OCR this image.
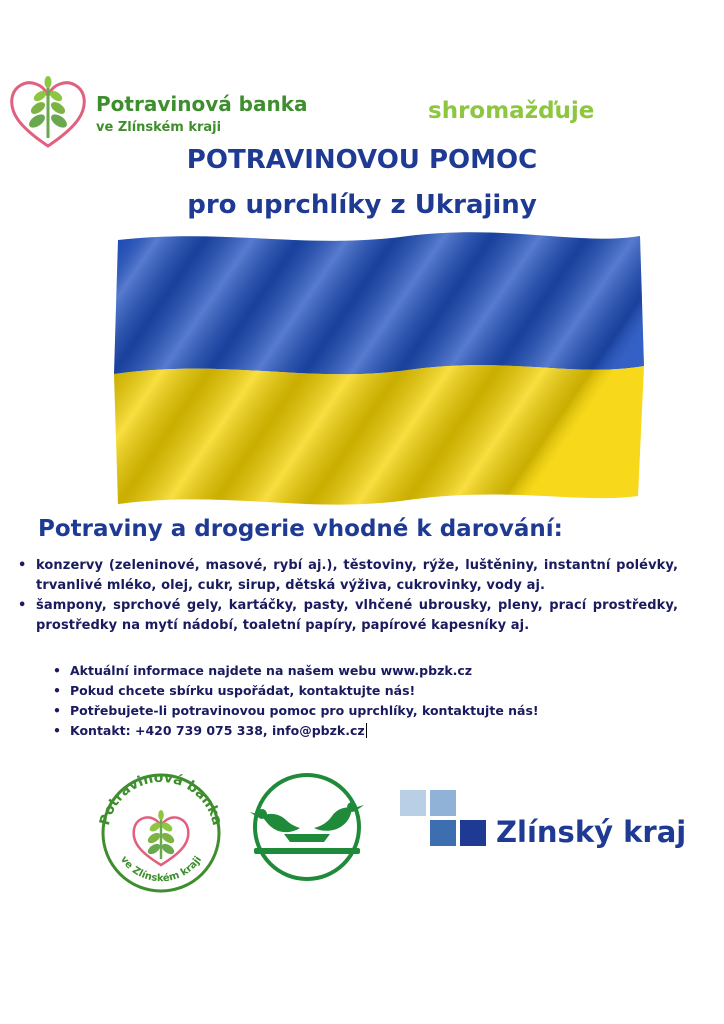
Potravinová banka
ve Zlínském kraji
shromažďuje
POTRAVINOVOU POMOC
pro uprchlíky z Ukrajiny
Potraviny a drogerie vhodné k darování:
• konzervy (zeleninové, masové, rybí aj.), těstoviny, rýže, luštěniny, instantní polévky, trvanlivé mléko, olej, cukr, sirup, dětská výživa, cukrovinky, vody aj.
• šampony, sprchové gely, kartáčky, pasty, vlhčené ubrousky, pleny, prací prostředky, prostředky na mytí nádobí, toaletní papíry, papírové kapesníky aj.
• Aktuální informace najdete na našem webu www.pbzk.cz
• Pokud chcete sbírku uspořádat, kontaktujte nás!
• Potřebujete-li potravinovou pomoc pro uprchlíky, kontaktujte nás!
• Kontakt: +420 739 075 338, info@pbzk.cz
Potravinová banka
ve Zlínském kraji
Zlínský kraj
